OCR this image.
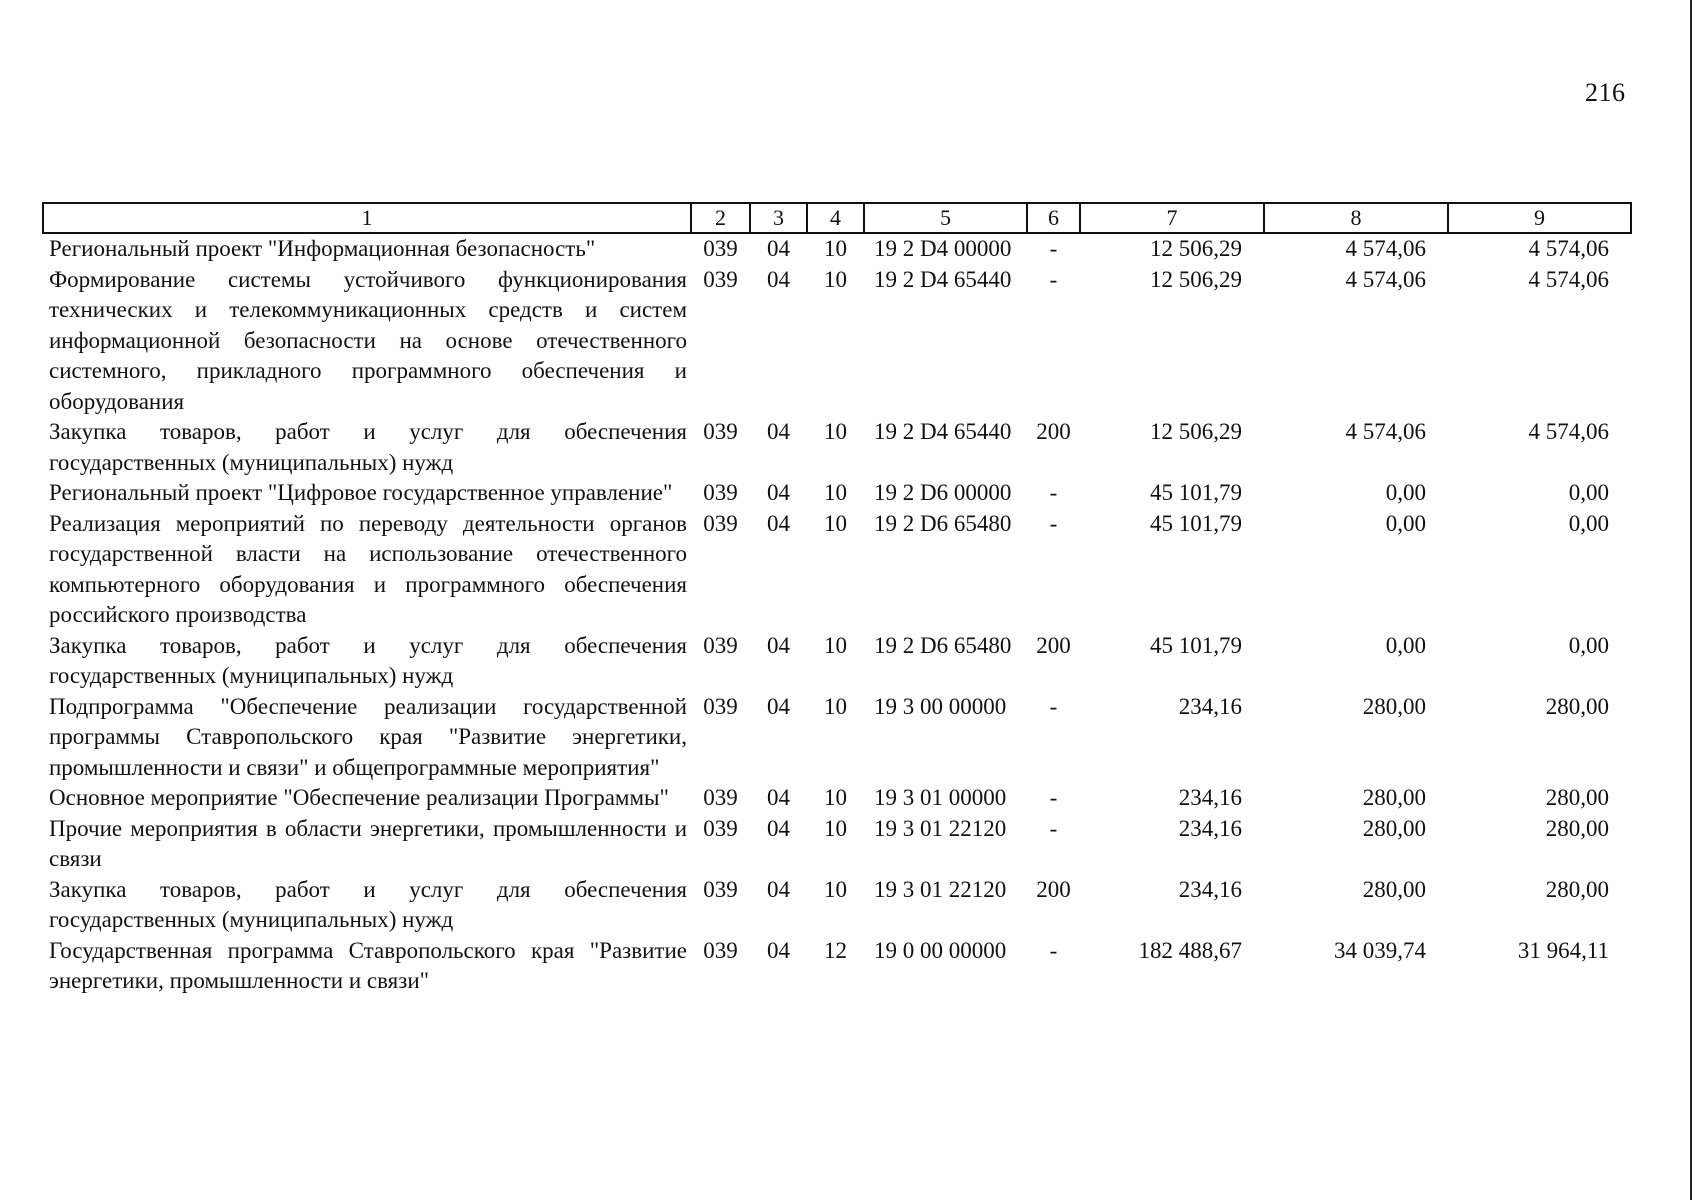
216
1	2	3	4	5	6	7	8	9
Региональный проект "Информационная безопасность"	039	04	10	19 2 D4 00000	-	12 506,29	4 574,06	4 574,06
Формирование системы устойчивого функционирования технических и телекоммуникационных средств и систем информационной безопасности на основе отечественного системного, прикладного программного обеспечения и оборудования	039	04	10	19 2 D4 65440	-	12 506,29	4 574,06	4 574,06
Закупка товаров, работ и услуг для обеспечения государственных (муниципальных) нужд	039	04	10	19 2 D4 65440	200	12 506,29	4 574,06	4 574,06
Региональный проект "Цифровое государственное управление"	039	04	10	19 2 D6 00000	-	45 101,79	0,00	0,00
Реализация мероприятий по переводу деятельности органов государственной власти на использование отечественного компьютерного оборудования и программного обеспечения российского производства	039	04	10	19 2 D6 65480	-	45 101,79	0,00	0,00
Закупка товаров, работ и услуг для обеспечения государственных (муниципальных) нужд	039	04	10	19 2 D6 65480	200	45 101,79	0,00	0,00
Подпрограмма "Обеспечение реализации государственной программы Ставропольского края "Развитие энергетики, промышленности и связи" и общепрограммные мероприятия"	039	04	10	19 3 00 00000	-	234,16	280,00	280,00
Основное мероприятие "Обеспечение реализации Программы"	039	04	10	19 3 01 00000	-	234,16	280,00	280,00
Прочие мероприятия в области энергетики, промышленности и связи	039	04	10	19 3 01 22120	-	234,16	280,00	280,00
Закупка товаров, работ и услуг для обеспечения государственных (муниципальных) нужд	039	04	10	19 3 01 22120	200	234,16	280,00	280,00
Государственная программа Ставропольского края "Развитие энергетики, промышленности и связи"	039	04	12	19 0 00 00000	-	182 488,67	34 039,74	31 964,11
